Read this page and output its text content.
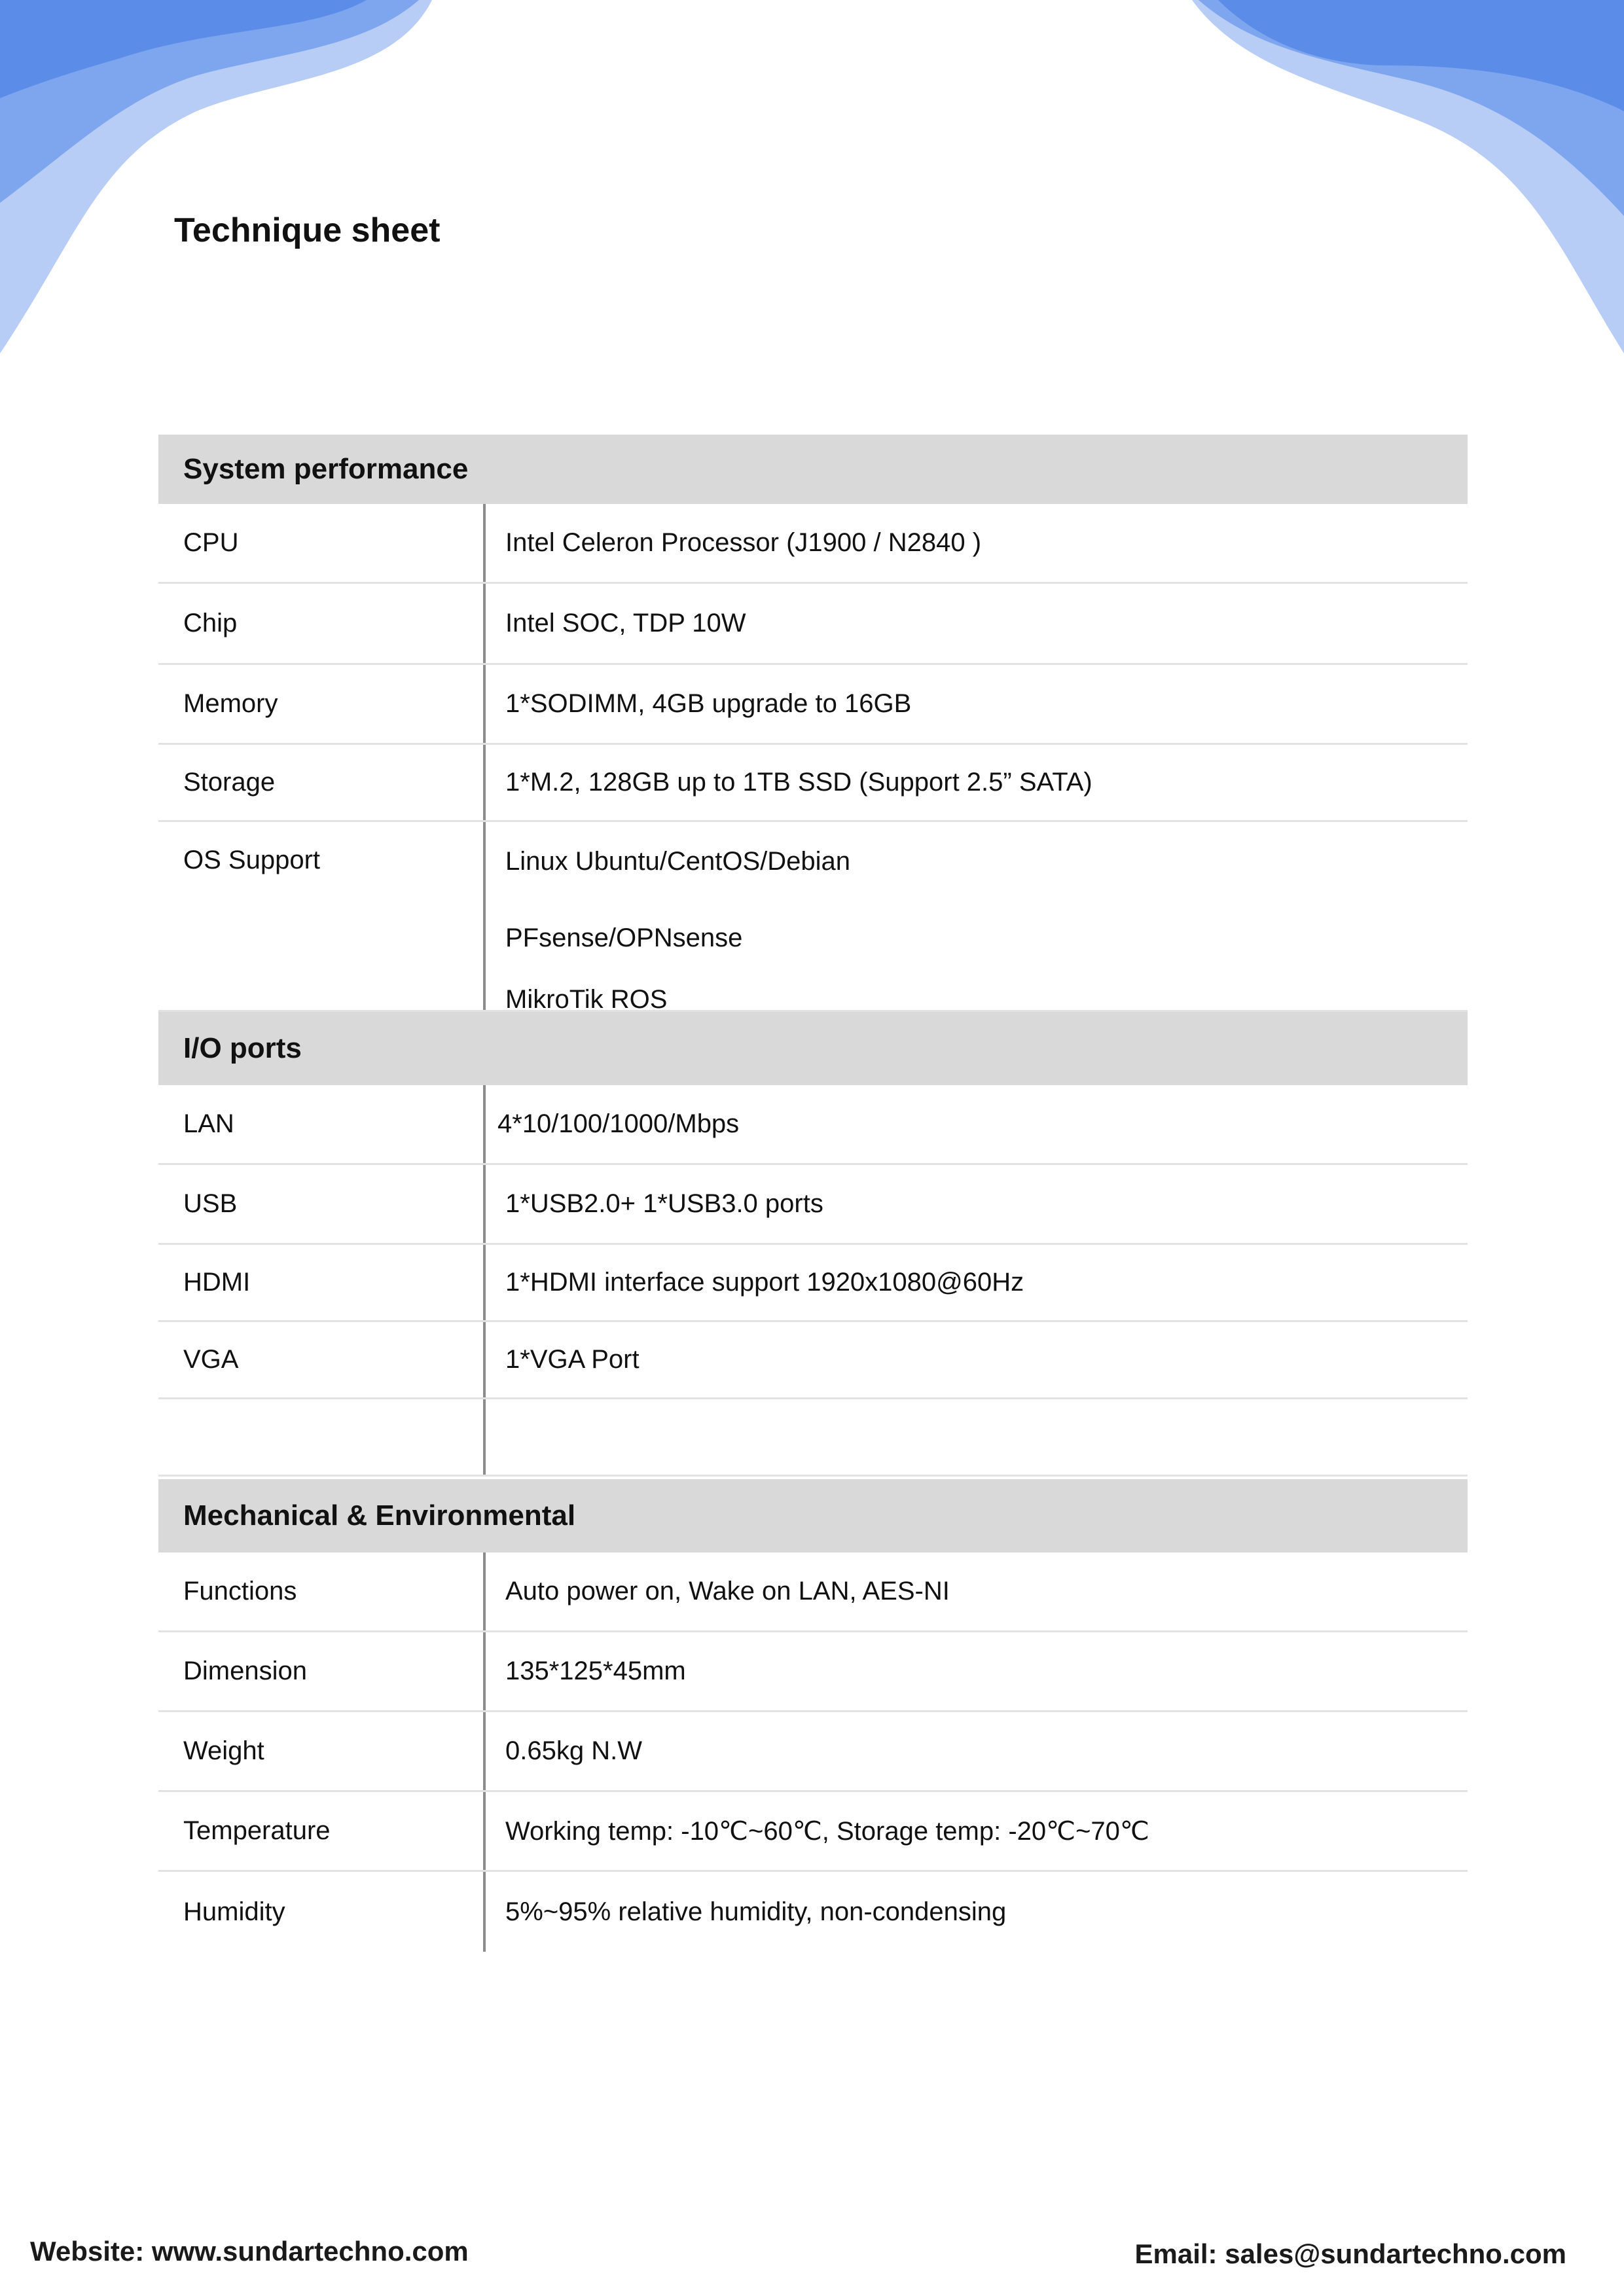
Technique sheet
System performance
CPU	Intel Celeron Processor (J1900 / N2840 )
Chip	Intel SOC, TDP 10W
Memory	1*SODIMM, 4GB upgrade to 16GB
Storage	1*M.2, 128GB up to 1TB SSD (Support 2.5” SATA)
OS Support	Linux Ubuntu/CentOS/Debian
PFsense/OPNsense
MikroTik ROS
I/O ports
LAN	4*10/100/1000/Mbps
USB	1*USB2.0+ 1*USB3.0 ports
HDMI	1*HDMI interface support 1920x1080@60Hz
VGA	1*VGA Port
Mechanical & Environmental
Functions	Auto power on, Wake on LAN, AES-NI
Dimension	135*125*45mm
Weight	0.65kg N.W
Temperature	Working temp: -10℃~60℃, Storage temp: -20℃~70℃
Humidity	5%~95% relative humidity, non-condensing
Website: www.sundartechno.com	Email: sales@sundartechno.com
